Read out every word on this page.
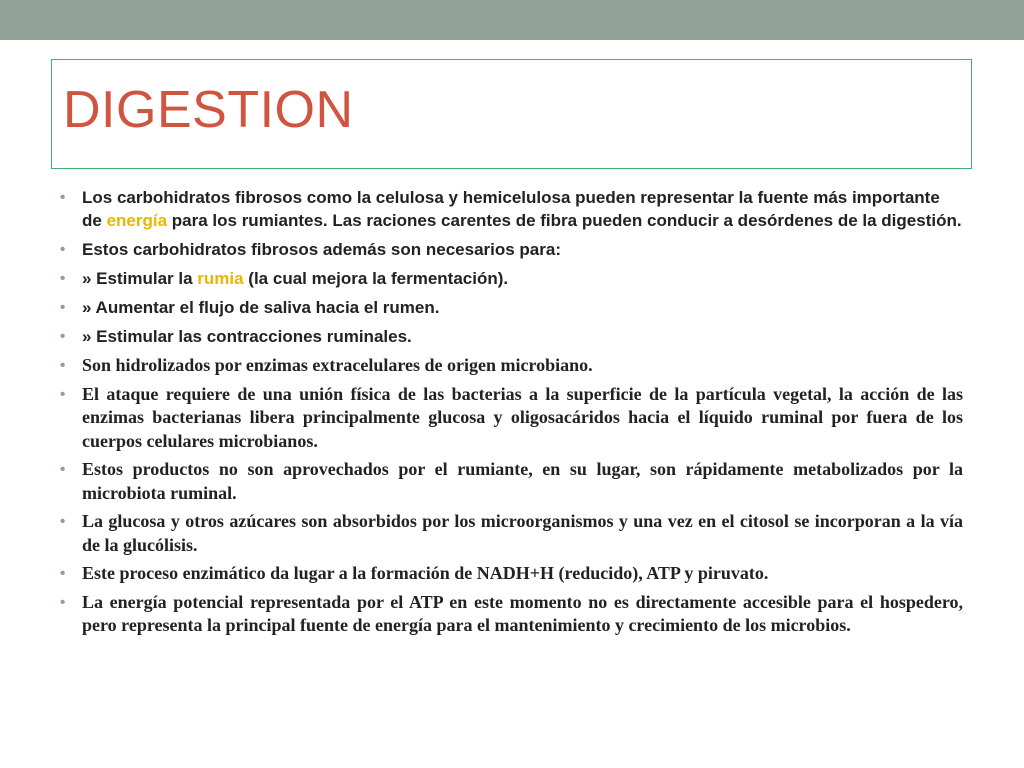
DIGESTION
• Los carbohidratos fibrosos como la celulosa y hemicelulosa pueden representar la fuente más importante de energía para los rumiantes. Las raciones carentes de fibra pueden conducir a desórdenes de la digestión.
• Estos carbohidratos fibrosos además son necesarios para:
• » Estimular la rumia (la cual mejora la fermentación).
• » Aumentar el flujo de saliva hacia el rumen.
• » Estimular las contracciones ruminales.
• Son hidrolizados por enzimas extracelulares de origen microbiano.
• El ataque requiere de una unión física de las bacterias a la superficie de la partícula vegetal, la acción de las enzimas bacterianas libera principalmente glucosa y oligosacáridos hacia el líquido ruminal por fuera de los cuerpos celulares microbianos.
• Estos productos no son aprovechados por el rumiante, en su lugar, son rápidamente metabolizados por la microbiota ruminal.
• La glucosa y otros azúcares son absorbidos por los microorganismos y una vez en el citosol se incorporan a la vía de la glucólisis.
• Este proceso enzimático da lugar a la formación de NADH+H (reducido), ATP y piruvato.
• La energía potencial representada por el ATP en este momento no es directamente accesible para el hospedero, pero representa la principal fuente de energía para el mantenimiento y crecimiento de los microbios.
